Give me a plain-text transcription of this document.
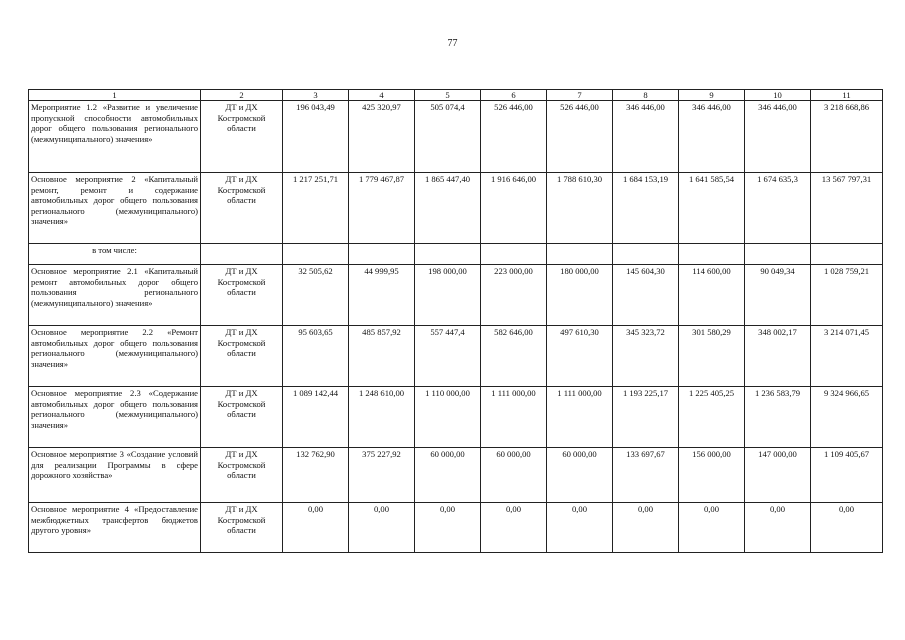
77
1	2	3	4	5	6	7	8	9	10	11
Мероприятие 1.2 «Развитие и увеличение пропускной способности автомобильных дорог общего пользования регионального (межмуниципального) значения»	ДТ и ДХ Костромской области	196 043,49	425 320,97	505 074,4	526 446,00	526 446,00	346 446,00	346 446,00	346 446,00	3 218 668,86
Основное мероприятие 2 «Капитальный ремонт, ремонт и содержание автомобильных дорог общего пользования регионального (межмуниципального) значения»	ДТ и ДХ Костромской области	1 217 251,71	1 779 467,87	1 865 447,40	1 916 646,00	1 788 610,30	1 684 153,19	1 641 585,54	1 674 635,3	13 567 797,31
в том числе:										
Основное мероприятие 2.1 «Капитальный ремонт автомобильных дорог общего пользования регионального (межмуниципального) значения»	ДТ и ДХ Костромской области	32 505,62	44 999,95	198 000,00	223 000,00	180 000,00	145 604,30	114 600,00	90 049,34	1 028 759,21
Основное мероприятие 2.2 «Ремонт автомобильных дорог общего пользования регионального (межмуниципального) значения»	ДТ и ДХ Костромской области	95 603,65	485 857,92	557 447,4	582 646,00	497 610,30	345 323,72	301 580,29	348 002,17	3 214 071,45
Основное мероприятие 2.3 «Содержание автомобильных дорог общего пользования регионального (межмуниципального) значения»	ДТ и ДХ Костромской области	1 089 142,44	1 248 610,00	1 110 000,00	1 111 000,00	1 111 000,00	1 193 225,17	1 225 405,25	1 236 583,79	9 324 966,65
Основное мероприятие 3 «Создание условий для реализации Программы в сфере дорожного хозяйства»	ДТ и ДХ Костромской области	132 762,90	375 227,92	60 000,00	60 000,00	60 000,00	133 697,67	156 000,00	147 000,00	1 109 405,67
Основное мероприятие 4 «Предоставление межбюджетных трансфертов бюджетов другого уровня»	ДТ и ДХ Костромской области	0,00	0,00	0,00	0,00	0,00	0,00	0,00	0,00	0,00
